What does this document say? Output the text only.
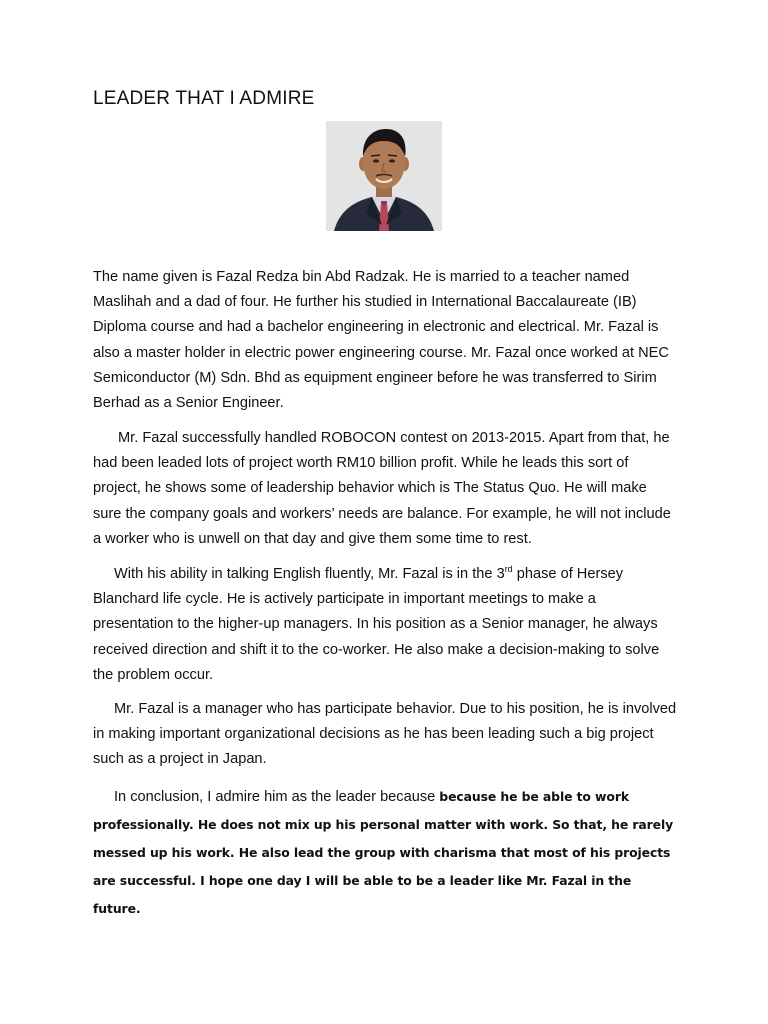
LEADER THAT I ADMIRE

The name given is Fazal Redza bin Abd Radzak. He is married to a teacher named Maslihah and a dad of four. He further his studied in International Baccalaureate (IB) Diploma course and had a bachelor engineering in electronic and electrical. Mr. Fazal is also a master holder in electric power engineering course. Mr. Fazal once worked at NEC Semiconductor (M) Sdn. Bhd as equipment engineer before he was transferred to Sirim Berhad as a Senior Engineer.

Mr. Fazal successfully handled ROBOCON contest on 2013-2015. Apart from that, he had been leaded lots of project worth RM10 billion profit. While he leads this sort of project, he shows some of leadership behavior which is The Status Quo. He will make sure the company goals and workers’ needs are balance. For example, he will not include a worker who is unwell on that day and give them some time to rest.

With his ability in talking English fluently, Mr. Fazal is in the 3rd phase of Hersey Blanchard life cycle. He is actively participate in important meetings to make a presentation to the higher-up managers. In his position as a Senior manager, he always received direction and shift it to the co-worker. He also make a decision-making to solve the problem occur.

Mr. Fazal is a manager who has participate behavior. Due to his position, he is involved in making important organizational decisions as he has been leading such a big project such as a project in Japan.

In conclusion, I admire him as the leader because because he be able to work professionally. He does not mix up his personal matter with work. So that, he rarely messed up his work. He also lead the group with charisma that most of his projects are successful. I hope one day I will be able to be a leader like Mr. Fazal in the future.
